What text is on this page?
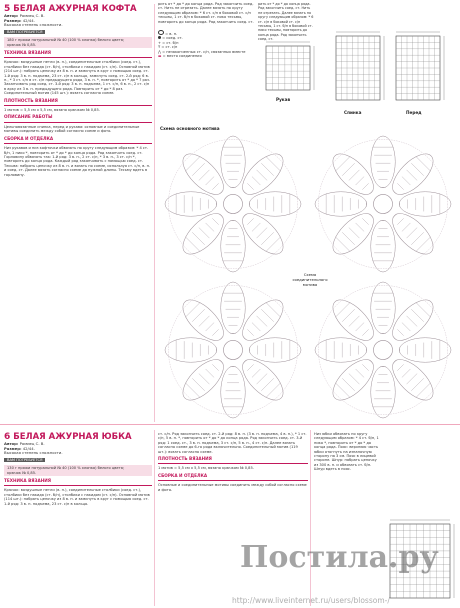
5 БЕЛАЯ АЖУРНАЯ КОФТА
Автор: Ромиец С. В.
Размер: 42/44.
Высокая степень сложности.
ВАМ ПОТРЕБУЕТСЯ
180 г пряжи натуральной № 40 (100 % хлопка) белого цвета;
крючок № 0,85.
ТЕХНИКА ВЯЗАНИЯ

Крючок: воздушные петли (в. п.), соединительные столбики (соед. ст.), столбики без накида (ст. б/н), столбики с накидом (ст. с/н). Основной мотив (214 шт.): набрать цепочку из 8 в. п. и замкнуть в круг с помощью соед. ст. 1-й ряд: 3 в. п. подъема, 23 ст. с/н в кольцо, замкнуть соед. ст. 2-й ряд: 6 в. п., * 3 ст. с/н в ст. с/н предыдущего ряда, 3 в. п. *, повторить от * до * 7 раз. Заканчивать ряд соед. ст. 3-й ряд: 3 в. п. подъема, 1 ст. с/н, 6 в. п., 2 ст. с/н в арку из 3 в. п. предыдущего ряда. Повторить от * до * 8 раз. Соединительный мотив (145 шт.): вязать согласно схеме.

ПЛОТНОСТЬ ВЯЗАНИЯ

1 мотив = 5,5 см x 5,5 см, вязано крючком № 0,85.

ОПИСАНИЕ РАБОТЫ

Цельновязанные спинка, перед и рукава: основные и соединительные мотивы соединить между собой согласно схеме и фото.

СБОРКА И ОТДЕЛКА

Низ рукавов и низ кофточки обвязать по кругу следующим образом: * 4 ст. б/н, 1 пико *, повторить от * до * до конца ряда. Ряд закончить соед. ст. Горловину обвязать так: 1-й ряд: 3 в. п., 2 ст. с/н, * 3 в. п., 3 ст. с/н *, повторить до конца ряда. Каждый ряд заканчивать с помощью соед. ст. Тесьма: набрать цепочку из 8 в. п. и вязать по схеме, используя ст. с/н, в. п. и соед. ст. Далее вязать согласно схеме до нужной длины. Тесьму вдеть в горловину.

рить от * до * до конца ряда. Ряд закончить соед. ст. Нить не отрезать. Далее вязать по кругу следующим образом: * 6 ст. с/н в боковой ст. с/н тесьмы, 1 ст. б/н в боковой ст. пико тесьмы, повторить до конца ряда. Ряд закончить соед. ст.

= в. п.
= соед. ст.
+ = ст. б/н
Ŧ = ст. с/н
⋀ = незаконченных ст. с/н, связанных вместе
▬ = место соединения

рить от * до * до конца ряда. Ряд закончить соед. ст. Нить не отрезать. Далее вязать по кругу следующим образом: * 6 ст. с/н в боковой ст. с/н тесьмы, 1 ст. б/н в боковой ст. пико тесьмы, повторить до конца ряда. Ряд закончить соед. ст.

Рукав
Спинка	Перед
Схема основного мотива
Схема соединительного мотива
6 БЕЛАЯ АЖУРНАЯ ЮБКА
Автор: Ромиец С. В.
Размер: 42/44.
Высокая степень сложности.
ВАМ ПОТРЕБУЕТСЯ
130 г пряжи натуральной № 40 (100 % хлопка) белого цвета;
крючок № 0,85.
ТЕХНИКА ВЯЗАНИЯ

Крючок: воздушные петли (в. п.), соединительные столбики (соед. ст.), столбики без накида (ст. б/н), столбики с накидом (ст. с/н). Основной мотив (114 шт.): набрать цепочку из 8 в. п. и замкнуть в круг с помощью соед. ст. 1-й ряд: 3 в. п. подъема, 23 ст. с/н в кольцо.

ст. с/н. Ряд закончить соед. ст. 2-й ряд: 8 в. п. (3 в. п. подъема, 4 в. п.), * 1 ст. с/н, 5 в. п. *, повторить от * до * до конца ряда. Ряд закончить соед. ст. 3-й ряд: 1 соед. ст., 3 в. п. подъема, 3 ст. с/н, 5 в. п., 4 ст. с/н. Далее вязать согласно схеме до 6-го ряда включительно. Соединительный мотив (119 шт.): вязать согласно схеме.

ПЛОТНОСТЬ ВЯЗАНИЯ

1 мотив = 5,5 см x 5,5 см, вязано крючком № 0,85.

СБОРКА И ОТДЕЛКА

Основные и соединительные мотивы соединить между собой согласно схеме и фото.

Низ юбки обвязать по кругу следующим образом: * 4 ст. б/н, 1 пико *, повторить от * до * до конца ряда. Пояс: верхнюю часть юбки отогнуть на изнаночную сторону на 3 см. Пояс в лицевой стороне. Шнур: набрать цепочку из 300 в. п. и обвязать ст. б/н. Шнур вдеть в пояс.

Постила.ру
http://www.liveinternet.ru/users/blossom-/
